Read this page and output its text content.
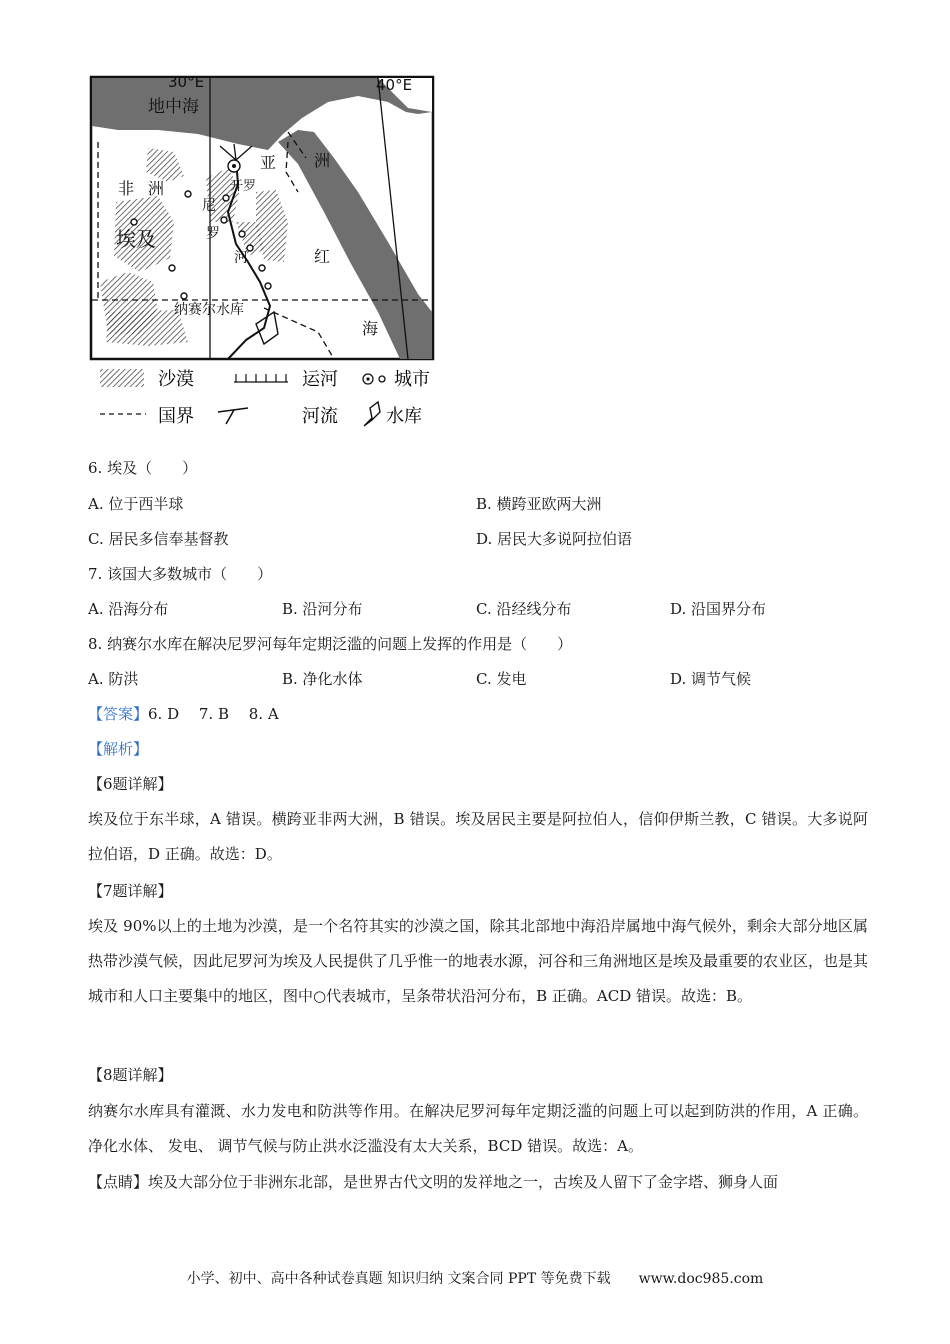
30°E	40°E
地中海
亚 洲
非 洲
埃及
开罗
尼
罗
河	红
海
纳赛尔水库
沙漠	运河	城市
国界	河流	水库
6. 埃及（　　）
A. 位于西半球	B. 横跨亚欧两大洲
C. 居民多信奉基督教	D. 居民大多说阿拉伯语
7. 该国大多数城市（　　）
A. 沿海分布	B. 沿河分布	C. 沿经线分布	D. 沿国界分布
8. 纳赛尔水库在解决尼罗河每年定期泛滥的问题上发挥的作用是（　　）
A. 防洪	B. 净化水体	C. 发电	D. 调节气候
【答案】6. D　 7. B　 8. A
【解析】
【6题详解】
埃及位于东半球，A 错误。横跨亚非两大洲，B 错误。埃及居民主要是阿拉伯人，信仰伊斯兰教，C 错误。大多说阿拉伯语，D 正确。故选：D。
【7题详解】
埃及 90%以上的土地为沙漠，是一个名符其实的沙漠之国，除其北部地中海沿岸属地中海气候外，剩余大部分地区属热带沙漠气候，因此尼罗河为埃及人民提供了几乎惟一的地表水源，河谷和三角洲地区是埃及最重要的农业区，也是其城市和人口主要集中的地区，图中○代表城市，呈条带状沿河分布，B 正确。ACD 错误。故选：B。
【8题详解】
纳赛尔水库具有灌溉、水力发电和防洪等作用。在解决尼罗河每年定期泛滥的问题上可以起到防洪的作用，A 正确。净化水体、 发电、 调节气候与防止洪水泛滥没有太大关系，BCD 错误。故选：A。
【点睛】埃及大部分位于非洲东北部，是世界古代文明的发祥地之一，古埃及人留下了金字塔、狮身人面
小学、初中、高中各种试卷真题 知识归纳 文案合同 PPT 等免费下载　　www.doc985.com
